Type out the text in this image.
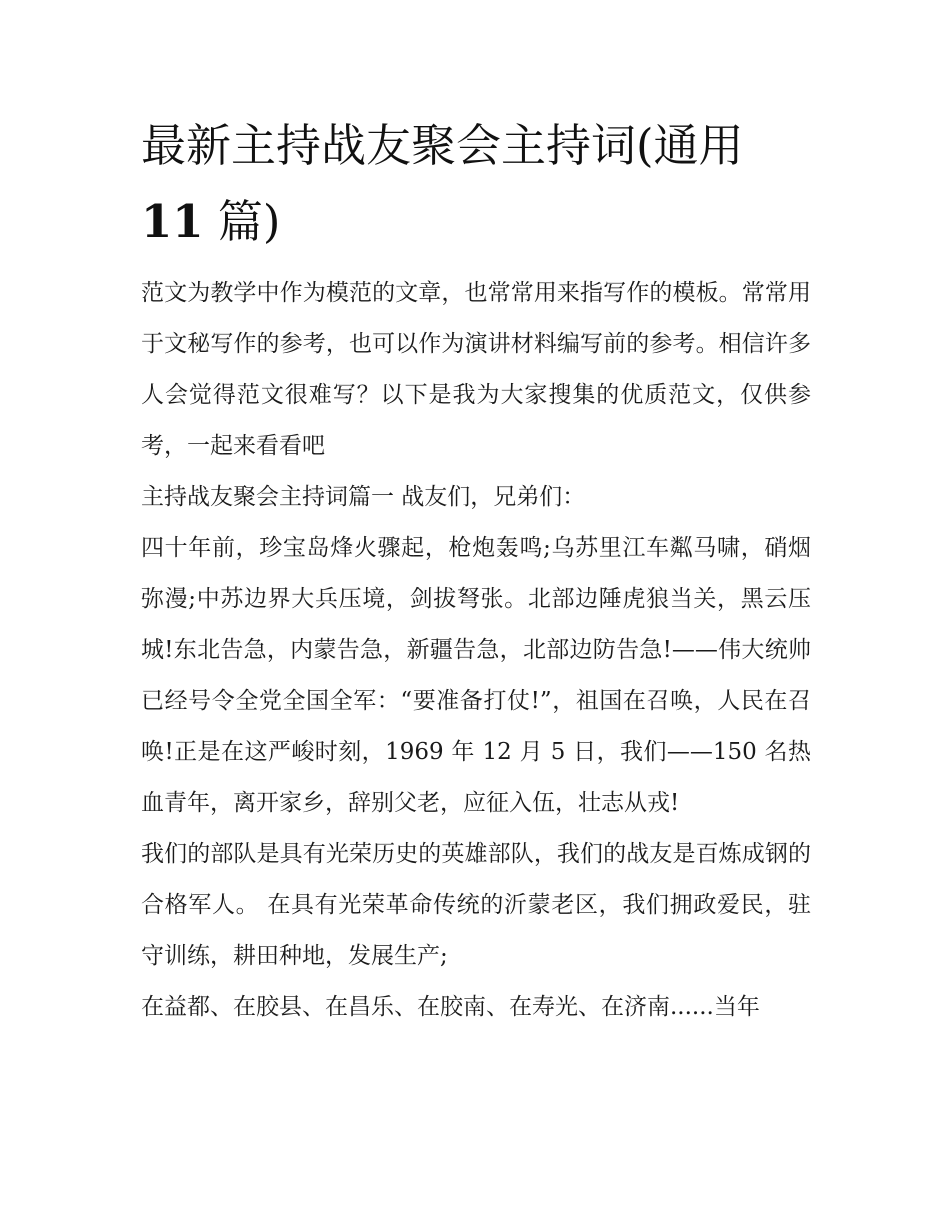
最新主持战友聚会主持词(通用
11 篇)

范文为教学中作为模范的文章，也常常用来指写作的模板。常常用于文秘写作的参考，也可以作为演讲材料编写前的参考。相信许多人会觉得范文很难写？以下是我为大家搜集的优质范文，仅供参考，一起来看看吧

主持战友聚会主持词篇一 战友们，兄弟们：

四十年前，珍宝岛烽火骤起，枪炮轰鸣;乌苏里江车粼马啸，硝烟弥漫;中苏边界大兵压境，剑拔弩张。北部边陲虎狼当关，黑云压城!东北告急，内蒙告急，新疆告急，北部边防告急!——伟大统帅已经号令全党全国全军：“要准备打仗!”，祖国在召唤，人民在召唤!正是在这严峻时刻，1969 年 12 月 5 日，我们——150 名热血青年，离开家乡，辞别父老，应征入伍，壮志从戎!

我们的部队是具有光荣历史的英雄部队，我们的战友是百炼成钢的合格军人。 在具有光荣革命传统的沂蒙老区，我们拥政爱民，驻守训练，耕田种地，发展生产;

在益都、在胶县、在昌乐、在胶南、在寿光、在济南......当年
